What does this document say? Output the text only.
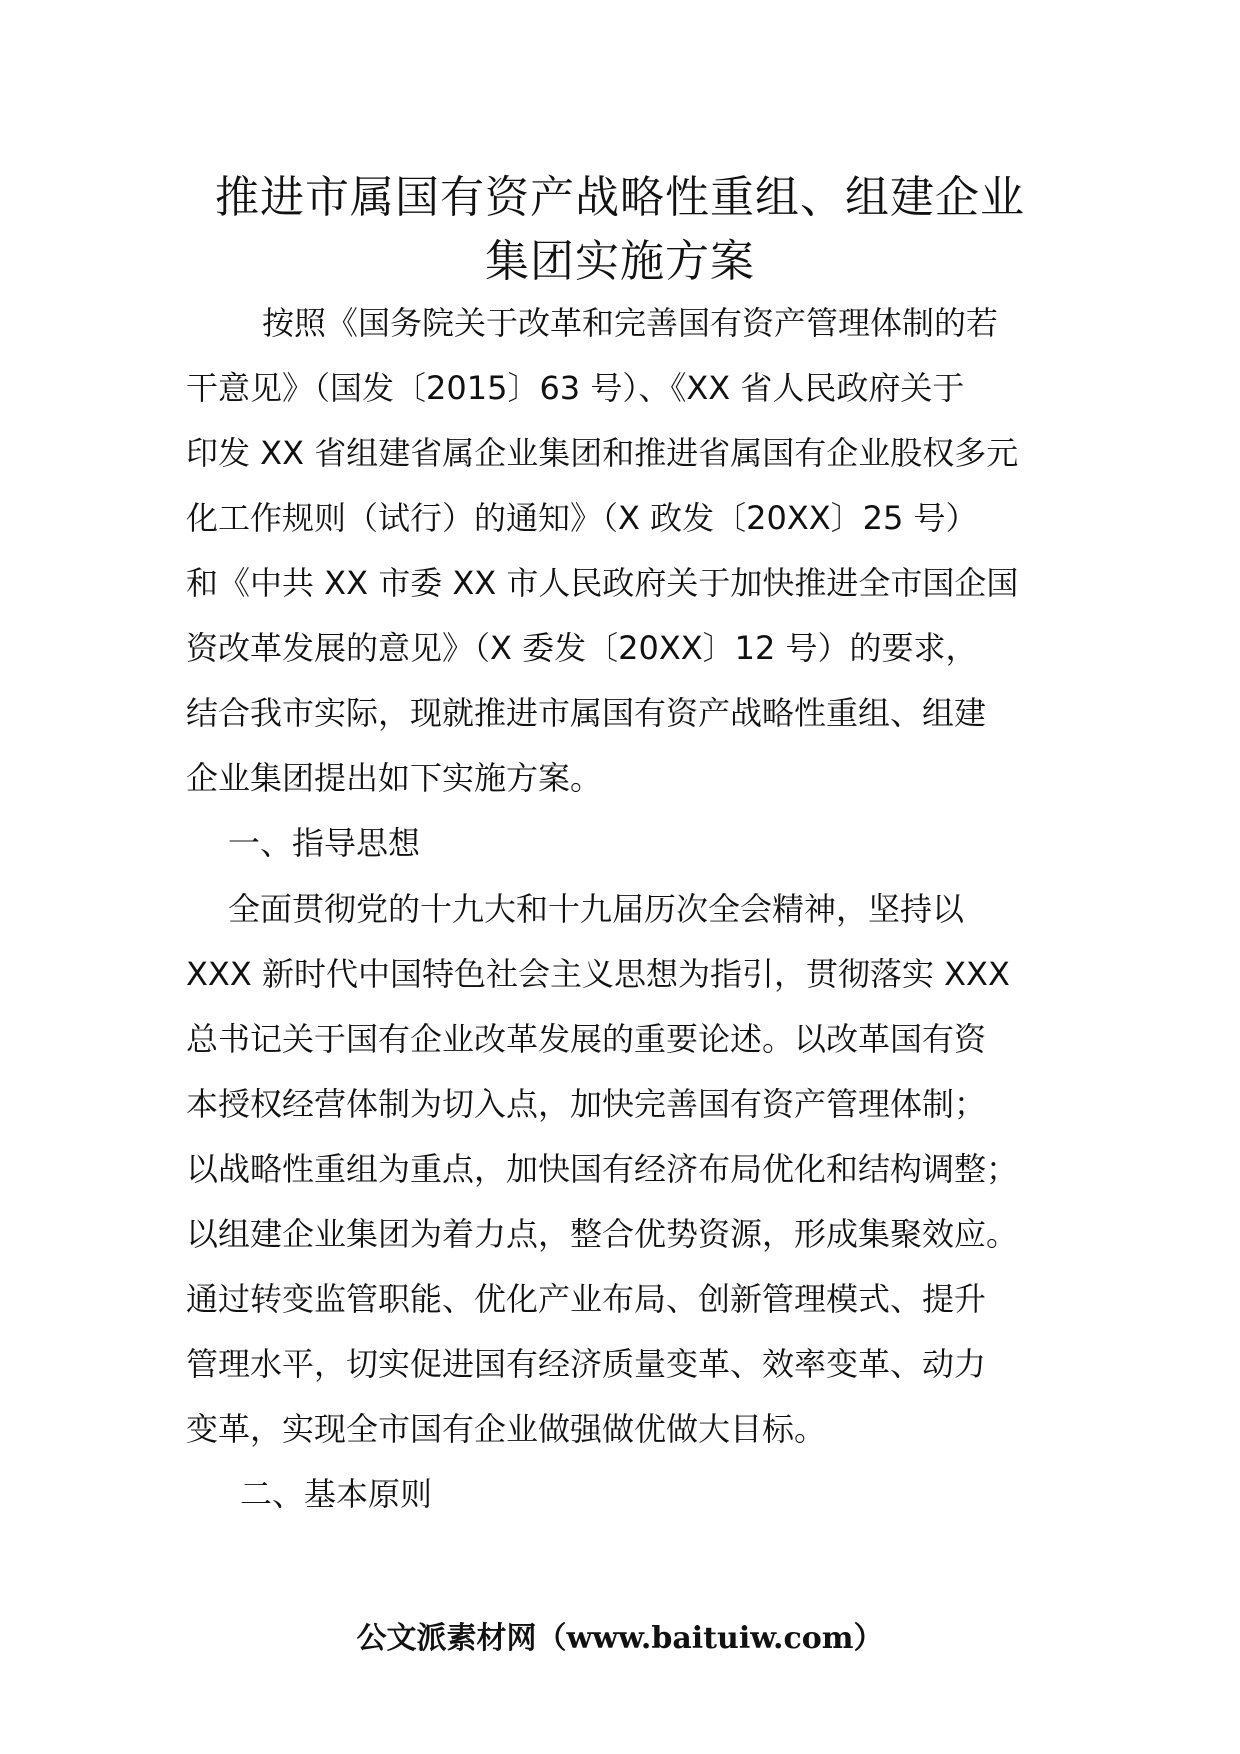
推进市属国有资产战略性重组、组建企业
集团实施方案
按照《国务院关于改革和完善国有资产管理体制的若
干意见》（国发〔2015〕63 号）、《XX 省人民政府关于
印发 XX 省组建省属企业集团和推进省属国有企业股权多元
化工作规则（试行）的通知》（X 政发〔20XX〕25 号）
和《中共 XX 市委 XX 市人民政府关于加快推进全市国企国
资改革发展的意见》（X 委发〔20XX〕12 号）的要求，
结合我市实际，现就推进市属国有资产战略性重组、组建
企业集团提出如下实施方案。
一、指导思想
全面贯彻党的十九大和十九届历次全会精神，坚持以
XXX 新时代中国特色社会主义思想为指引，贯彻落实 XXX
总书记关于国有企业改革发展的重要论述。以改革国有资
本授权经营体制为切入点，加快完善国有资产管理体制；
以战略性重组为重点，加快国有经济布局优化和结构调整；
以组建企业集团为着力点，整合优势资源，形成集聚效应。
通过转变监管职能、优化产业布局、创新管理模式、提升
管理水平，切实促进国有经济质量变革、效率变革、动力
变革，实现全市国有企业做强做优做大目标。
二、基本原则
公文派素材网（www.baituiw.com）
